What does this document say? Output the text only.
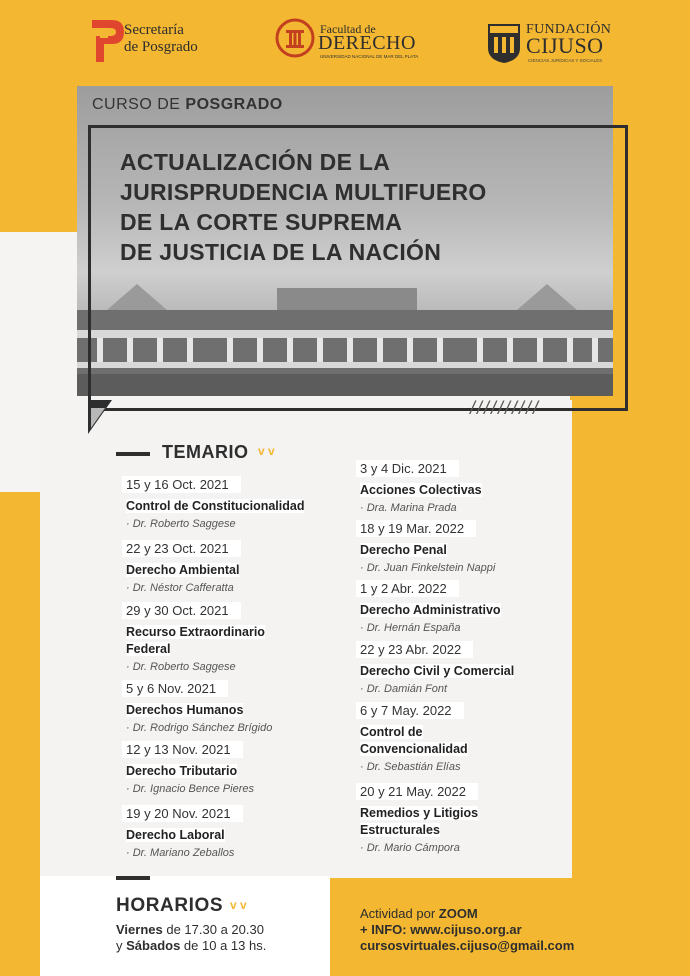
Secretaría
de Posgrado
Facultad de
DERECHO
UNIVERSIDAD NACIONAL DE MAR DEL PLATA
FUNDACIÓN
CIJUSO
CIENCIAS JURÍDICAS Y SOCIALES
CURSO DE POSGRADO
ACTUALIZACIÓN DE LA
JURISPRUDENCIA MULTIFUERO
DE LA CORTE SUPREMA
DE JUSTICIA DE LA NACIÓN
//////////
TEMARIO v v
15 y 16 Oct. 2021
Control de Constitucionalidad
· Dr. Roberto Saggese
22 y 23 Oct. 2021
Derecho Ambiental
· Dr. Néstor Cafferatta
29 y 30 Oct. 2021
Recurso Extraordinario Federal
· Dr. Roberto Saggese
5 y 6 Nov. 2021
Derechos Humanos
· Dr. Rodrigo Sánchez Brígido
12 y 13 Nov. 2021
Derecho Tributario
· Dr. Ignacio Bence Pieres
19 y 20 Nov. 2021
Derecho Laboral
· Dr. Mariano Zeballos
3 y 4 Dic. 2021
Acciones Colectivas
· Dra. Marina Prada
18 y 19 Mar. 2022
Derecho Penal
· Dr. Juan Finkelstein Nappi
1 y 2 Abr. 2022
Derecho Administrativo
· Dr. Hernán España
22 y 23 Abr. 2022
Derecho Civil y Comercial
· Dr. Damián Font
6 y 7 May. 2022
Control de Convencionalidad
· Dr. Sebastián Elías
20 y 21 May. 2022
Remedios y Litigios Estructurales
· Dr. Mario Cámpora
HORARIOS v v
Viernes de 17.30 a 20.30
y Sábados de 10 a 13 hs.
Actividad por ZOOM
+ INFO: www.cijuso.org.ar
cursosvirtuales.cijuso@gmail.com
